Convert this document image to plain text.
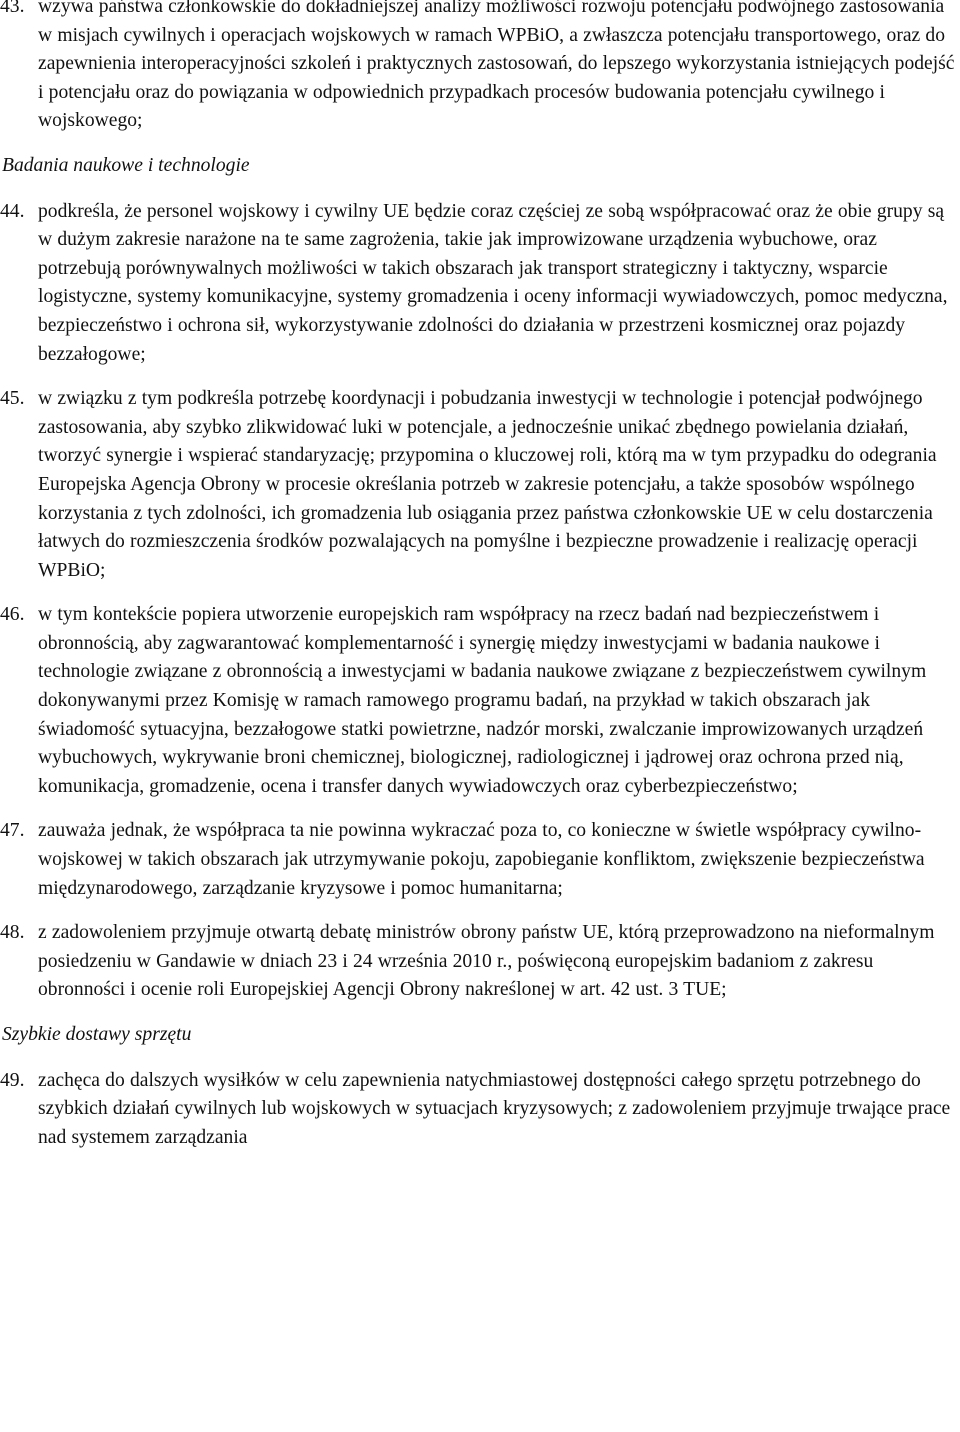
43. wzywa państwa członkowskie do dokładniejszej analizy możliwości rozwoju potencjału podwójnego zastosowania w misjach cywilnych i operacjach wojskowych w ramach WPBiO, a zwłaszcza potencjału transportowego, oraz do zapewnienia interoperacyjności szkoleń i praktycznych zastosowań, do lepszego wykorzystania istniejących podejść i potencjału oraz do powiązania w odpowiednich przypadkach procesów budowania potencjału cywilnego i wojskowego;
Badania naukowe i technologie
44. podkreśla, że personel wojskowy i cywilny UE będzie coraz częściej ze sobą współpracować oraz że obie grupy są w dużym zakresie narażone na te same zagrożenia, takie jak improwizowane urządzenia wybuchowe, oraz potrzebują porównywalnych możliwości w takich obszarach jak transport strategiczny i taktyczny, wsparcie logistyczne, systemy komunikacyjne, systemy gromadzenia i oceny informacji wywiadowczych, pomoc medyczna, bezpieczeństwo i ochrona sił, wykorzystywanie zdolności do działania w przestrzeni kosmicznej oraz pojazdy bezzałogowe;
45. w związku z tym podkreśla potrzebę koordynacji i pobudzania inwestycji w technologie i potencjał podwójnego zastosowania, aby szybko zlikwidować luki w potencjale, a jednocześnie unikać zbędnego powielania działań, tworzyć synergie i wspierać standaryzację; przypomina o kluczowej roli, którą ma w tym przypadku do odegrania Europejska Agencja Obrony w procesie określania potrzeb w zakresie potencjału, a także sposobów wspólnego korzystania z tych zdolności, ich gromadzenia lub osiągania przez państwa członkowskie UE w celu dostarczenia łatwych do rozmieszczenia środków pozwalających na pomyślne i bezpieczne prowadzenie i realizację operacji WPBiO;
46. w tym kontekście popiera utworzenie europejskich ram współpracy na rzecz badań nad bezpieczeństwem i obronnością, aby zagwarantować komplementarność i synergię między inwestycjami w badania naukowe i technologie związane z obronnością a inwestycjami w badania naukowe związane z bezpieczeństwem cywilnym dokonywanymi przez Komisję w ramach ramowego programu badań, na przykład w takich obszarach jak świadomość sytuacyjna, bezzałogowe statki powietrzne, nadzór morski, zwalczanie improwizowanych urządzeń wybuchowych, wykrywanie broni chemicznej, biologicznej, radiologicznej i jądrowej oraz ochrona przed nią, komunikacja, gromadzenie, ocena i transfer danych wywiadowczych oraz cyberbezpieczeństwo;
47. zauważa jednak, że współpraca ta nie powinna wykraczać poza to, co konieczne w świetle współpracy cywilno-wojskowej w takich obszarach jak utrzymywanie pokoju, zapobieganie konfliktom, zwiększenie bezpieczeństwa międzynarodowego, zarządzanie kryzysowe i pomoc humanitarna;
48. z zadowoleniem przyjmuje otwartą debatę ministrów obrony państw UE, którą przeprowadzono na nieformalnym posiedzeniu w Gandawie w dniach 23 i 24 września 2010 r., poświęconą europejskim badaniom z zakresu obronności i ocenie roli Europejskiej Agencji Obrony nakreślonej w art. 42 ust. 3 TUE;
Szybkie dostawy sprzętu
49. zachęca do dalszych wysiłków w celu zapewnienia natychmiastowej dostępności całego sprzętu potrzebnego do szybkich działań cywilnych lub wojskowych w sytuacjach kryzysowych; z zadowoleniem przyjmuje trwające prace nad systemem zarządzania
